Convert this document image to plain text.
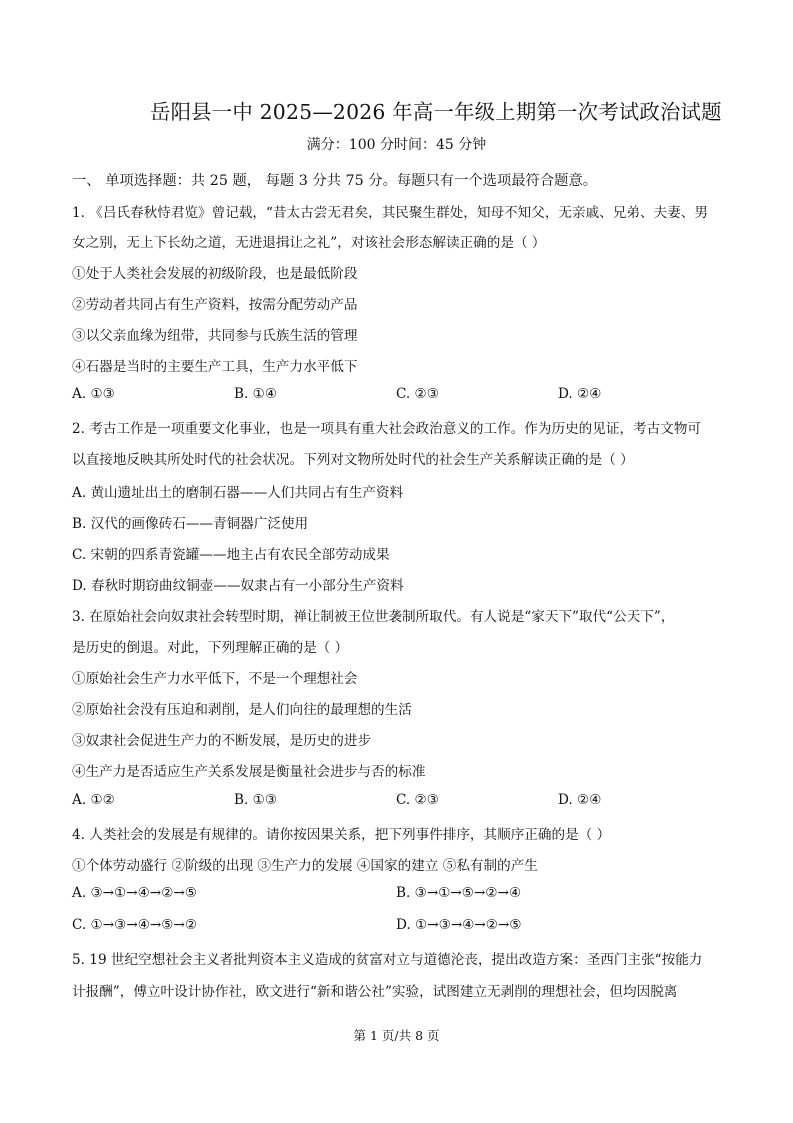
岳阳县一中 2025—2026 年高一年级上期第一次考试政治试题
满分：100 分时间：45 分钟
一、 单项选择题：共 25 题， 每题 3 分共 75 分。每题只有一个选项最符合题意。
1. 《吕氏春秋恃君览》曾记载，“昔太古尝无君矣，其民聚生群处，知母不知父，无亲戚、兄弟、夫妻、男
女之别，无上下长幼之道，无进退揖让之礼”，对该社会形态解读正确的是（ ）
①处于人类社会发展的初级阶段，也是最低阶段
②劳动者共同占有生产资料，按需分配劳动产品
③以父亲血缘为纽带，共同参与氏族生活的管理
④石器是当时的主要生产工具，生产力水平低下
A. ①③	B. ①④	C. ②③	D. ②④
2. 考古工作是一项重要文化事业，也是一项具有重大社会政治意义的工作。作为历史的见证，考古文物可
以直接地反映其所处时代的社会状况。下列对文物所处时代的社会生产关系解读正确的是（ ）
A. 黄山遗址出土的磨制石器——人们共同占有生产资料
B. 汉代的画像砖石——青铜器广泛使用
C. 宋朝的四系青瓷罐——地主占有农民全部劳动成果
D. 春秋时期窃曲纹铜壶——奴隶占有一小部分生产资料
3. 在原始社会向奴隶社会转型时期，禅让制被王位世袭制所取代。有人说是“家天下”取代“公天下”，
是历史的倒退。对此，下列理解正确的是（ ）
①原始社会生产力水平低下，不是一个理想社会
②原始社会没有压迫和剥削，是人们向往的最理想的生活
③奴隶社会促进生产力的不断发展，是历史的进步
④生产力是否适应生产关系发展是衡量社会进步与否的标准
A. ①②	B. ①③	C. ②③	D. ②④
4. 人类社会的发展是有规律的。请你按因果关系，把下列事件排序，其顺序正确的是（ ）
①个体劳动盛行 ②阶级的出现 ③生产力的发展 ④国家的建立 ⑤私有制的产生
A. ③→①→④→②→⑤	B. ③→①→⑤→②→④
C. ①→③→④→⑤→②	D. ①→③→④→②→⑤
5. 19 世纪空想社会主义者批判资本主义造成的贫富对立与道德沦丧，提出改造方案：圣西门主张“按能力
计报酬”，傅立叶设计协作社，欧文进行“新和谐公社”实验，试图建立无剥削的理想社会，但均因脱离
第 1 页/共 8 页
